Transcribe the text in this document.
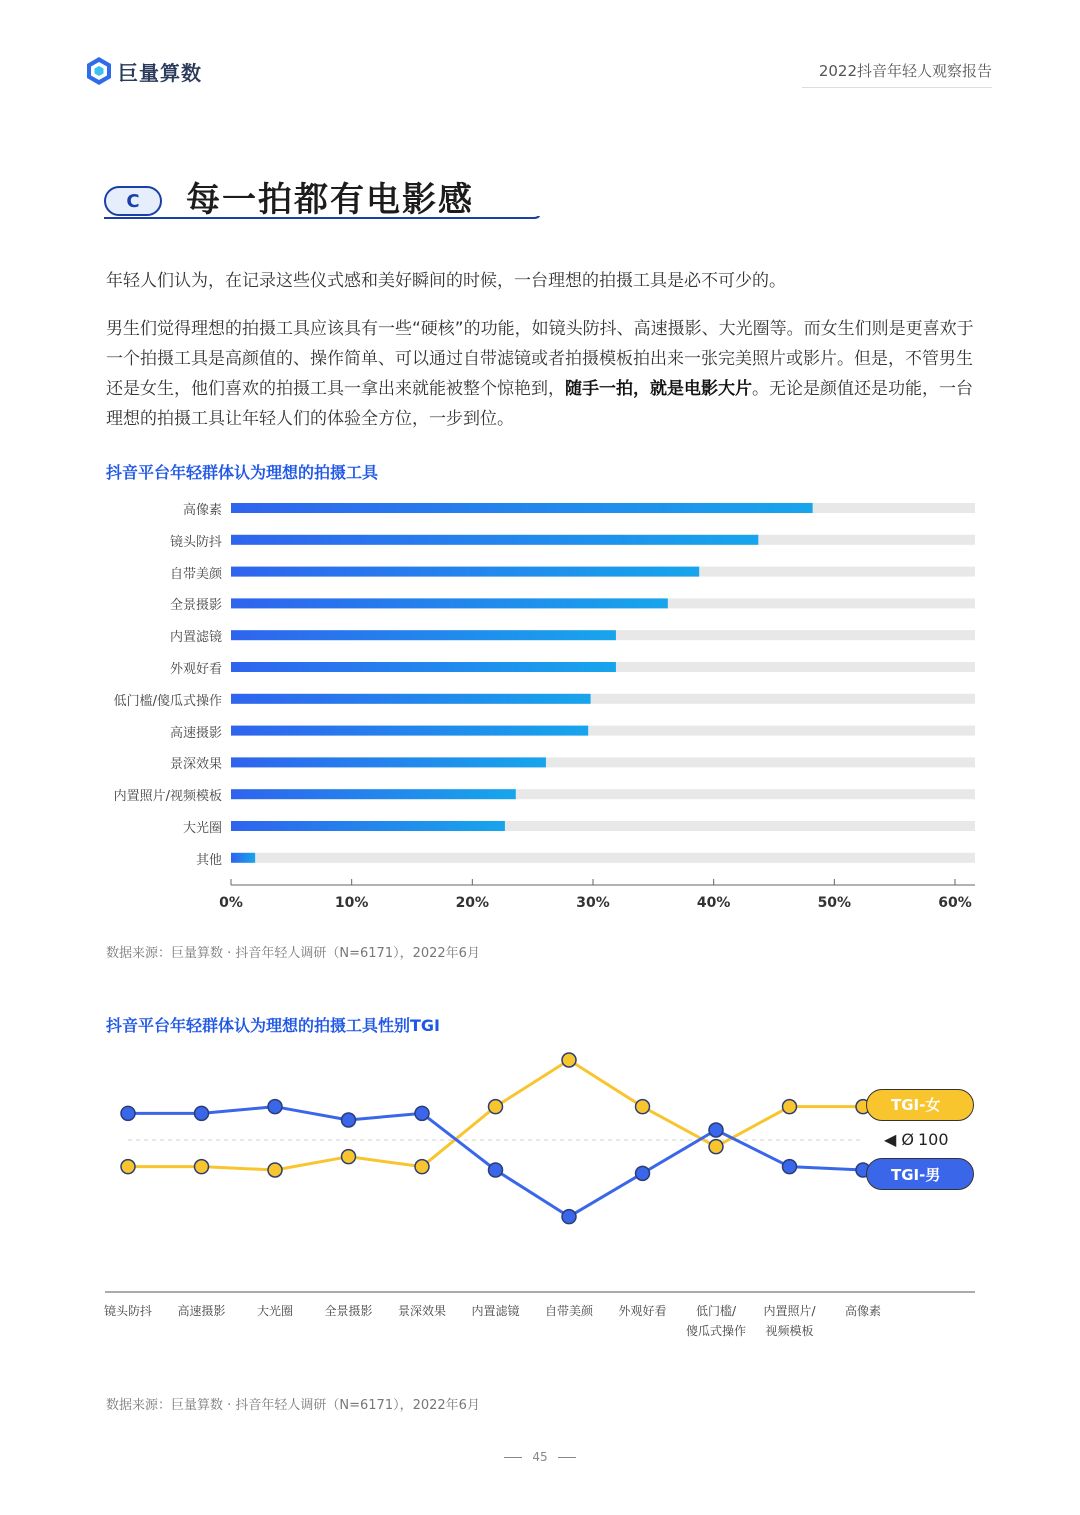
巨量算数	2022抖音年轻人观察报告
C	每一拍都有电影感

年轻人们认为，在记录这些仪式感和美好瞬间的时候，一台理想的拍摄工具是必不可少的。

男生们觉得理想的拍摄工具应该具有一些“硬核”的功能，如镜头防抖、高速摄影、大光圈等。而女生们则是更喜欢于一个拍摄工具是高颜值的、操作简单、可以通过自带滤镜或者拍摄模板拍出来一张完美照片或影片。但是，不管男生还是女生，他们喜欢的拍摄工具一拿出来就能被整个惊艳到，随手一拍，就是电影大片。无论是颜值还是功能，一台理想的拍摄工具让年轻人们的体验全方位，一步到位。

抖音平台年轻群体认为理想的拍摄工具
数据来源：巨量算数 · 抖音年轻人调研（N=6171），2022年6月
抖音平台年轻群体认为理想的拍摄工具性别TGI
数据来源：巨量算数 · 抖音年轻人调研（N=6171），2022年6月
45
高像素
镜头防抖
自带美颜
全景摄影
内置滤镜
外观好看
低门槛/傻瓜式操作
高速摄影
景深效果
内置照片/视频模板
大光圈
其他
0%	10%	20%	30%	40%	50%	60%
TGI-女
TGI-男
◀ Ø 100
镜头防抖	高速摄影	大光圈	全景摄影	景深效果	内置滤镜	自带美颜	外观好看	低门槛/
傻瓜式操作
内置照片/
视频模板
高像素
